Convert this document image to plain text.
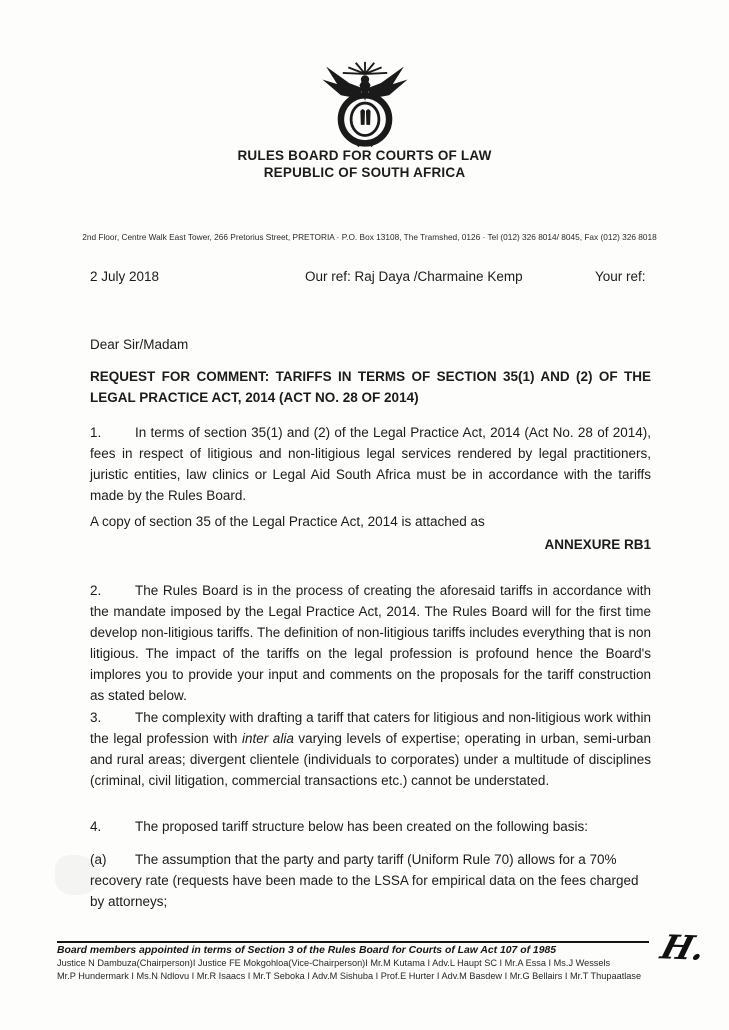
RULES BOARD FOR COURTS OF LAW
REPUBLIC OF SOUTH AFRICA
2nd Floor, Centre Walk East Tower, 266 Pretorius Street, PRETORIA · P.O. Box 13108, The Tramshed, 0126 · Tel (012) 326 8014/ 8045, Fax (012) 326 8018
2 July 2018	Our ref: Raj Daya /Charmaine Kemp	Your ref:

Dear Sir/Madam

REQUEST FOR COMMENT: TARIFFS IN TERMS OF SECTION 35(1) AND (2) OF THE LEGAL PRACTICE ACT, 2014 (ACT NO. 28 OF 2014)

1. In terms of section 35(1) and (2) of the Legal Practice Act, 2014 (Act No. 28 of 2014), fees in respect of litigious and non-litigious legal services rendered by legal practitioners, juristic entities, law clinics or Legal Aid South Africa must be in accordance with the tariffs made by the Rules Board.

A copy of section 35 of the Legal Practice Act, 2014 is attached as

ANNEXURE RB1

2. The Rules Board is in the process of creating the aforesaid tariffs in accordance with the mandate imposed by the Legal Practice Act, 2014. The Rules Board will for the first time develop non-litigious tariffs. The definition of non-litigious tariffs includes everything that is non litigious. The impact of the tariffs on the legal profession is profound hence the Board's implores you to provide your input and comments on the proposals for the tariff construction as stated below.

3. The complexity with drafting a tariff that caters for litigious and non-litigious work within the legal profession with inter alia varying levels of expertise; operating in urban, semi-urban and rural areas; divergent clientele (individuals to corporates) under a multitude of disciplines (criminal, civil litigation, commercial transactions etc.) cannot be understated.

4. The proposed tariff structure below has been created on the following basis:

(a) The assumption that the party and party tariff (Uniform Rule 70) allows for a 70% recovery rate (requests have been made to the LSSA for empirical data on the fees charged by attorneys;

Board members appointed in terms of Section 3 of the Rules Board for Courts of Law Act 107 of 1985
Justice N Dambuza(Chairperson)I Justice FE Mokgohloa(Vice-Chairperson)I Mr.M Kutama I Adv.L Haupt SC I Mr.A Essa I Ms.J Wessels
Mr.P Hundermark I Ms.N Ndlovu I Mr.R Isaacs I Mr.T Seboka I Adv.M Sishuba I Prof.E Hurter I Adv.M Basdew I Mr.G Bellairs I Mr.T Thupaatlase
H.
